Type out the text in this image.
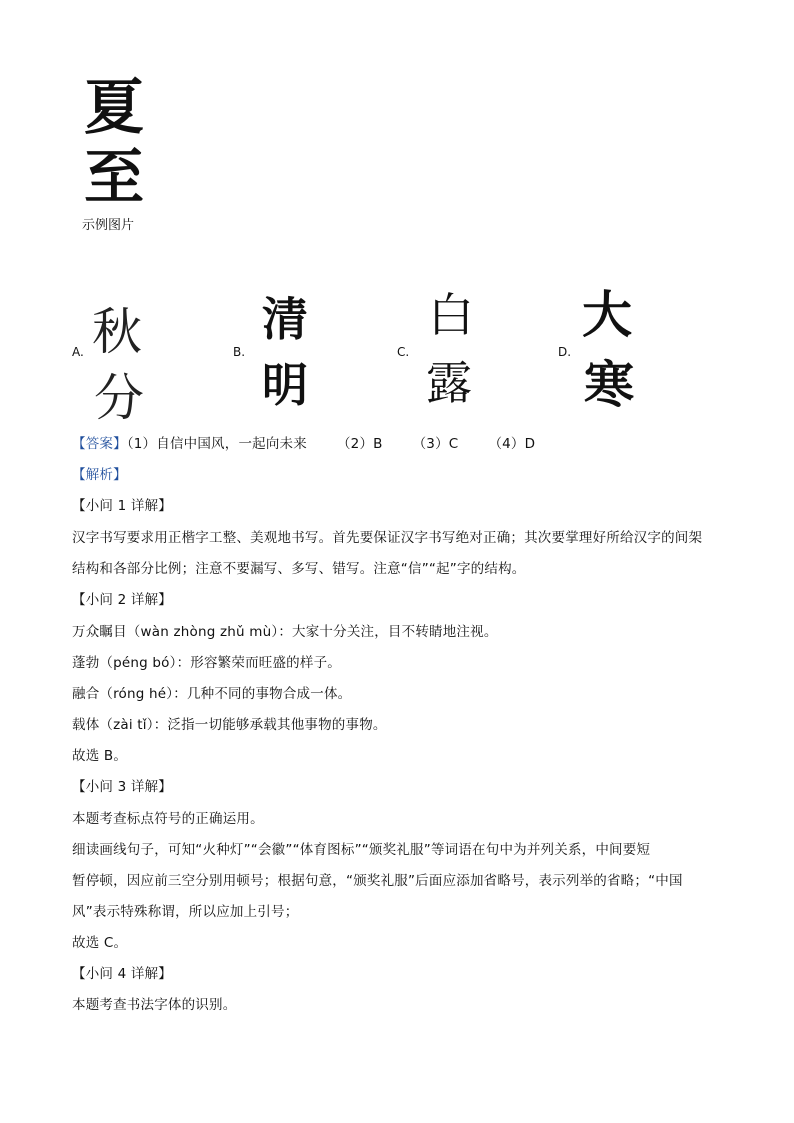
夏
至
示例图片
A. 秋
分
B.
清
明
C.
白
露
D.
大
寒
【答案】（1）自信中国风，一起向未来 （2）B （3）C （4）D
【解析】
【小问 1 详解】
汉字书写要求用正楷字工整、美观地书写。首先要保证汉字书写绝对正确；其次要掌理好所给汉字的间架
结构和各部分比例；注意不要漏写、多写、错写。注意“信”“起”字的结构。
【小问 2 详解】
万众瞩目（wàn zhòng zhǔ mù）：大家十分关注，目不转睛地注视。
蓬勃（péng bó）：形容繁荣而旺盛的样子。
融合（róng hé）：几种不同的事物合成一体。
载体（zài tǐ）：泛指一切能够承载其他事物的事物。
故选 B。
【小问 3 详解】
本题考查标点符号的正确运用。
细读画线句子，可知“火种灯”“会徽”“体育图标”“颁奖礼服”等词语在句中为并列关系，中间要短
暂停顿，因应前三空分别用顿号；根据句意，“颁奖礼服”后面应添加省略号，表示列举的省略；“中国
风”表示特殊称谓，所以应加上引号；
故选 C。
【小问 4 详解】
本题考查书法字体的识别。
